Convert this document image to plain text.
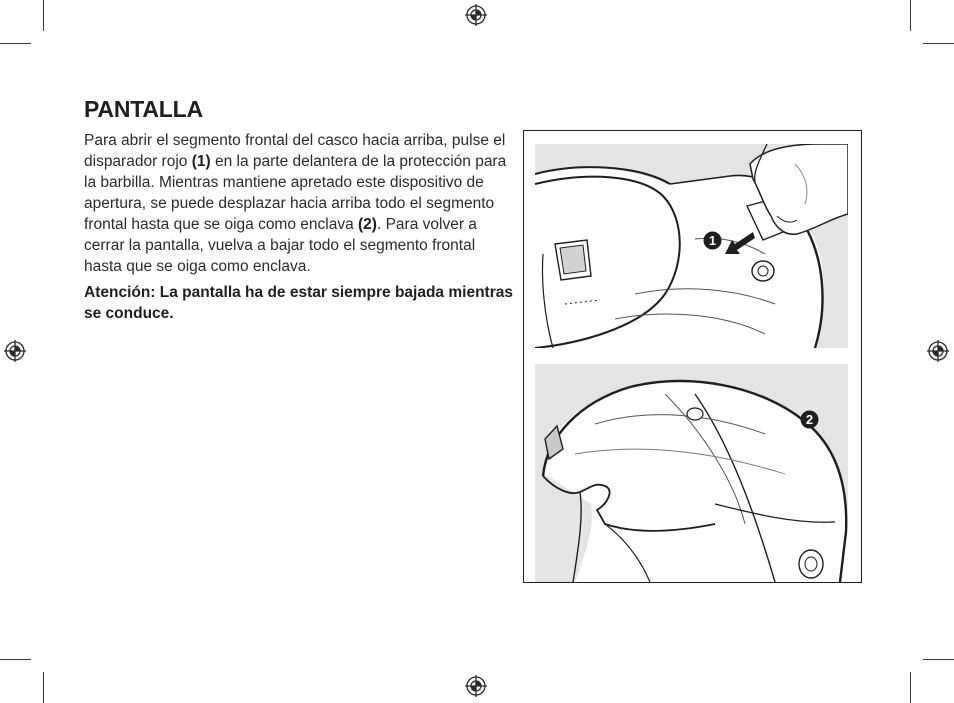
PANTALLA

Para abrir el segmento frontal del casco hacia arriba, pulse el disparador rojo (1) en la parte delantera de la protección para la barbilla. Mientras mantiene apretado este dispositivo de apertura, se puede desplazar hacia arriba todo el segmento frontal hasta que se oiga como enclava (2). Para volver a cerrar la pantalla, vuelva a bajar todo el segmento frontal hasta que se oiga como enclava.

Atención: La pantalla ha de estar siempre bajada mientras se conduce.

1
2
